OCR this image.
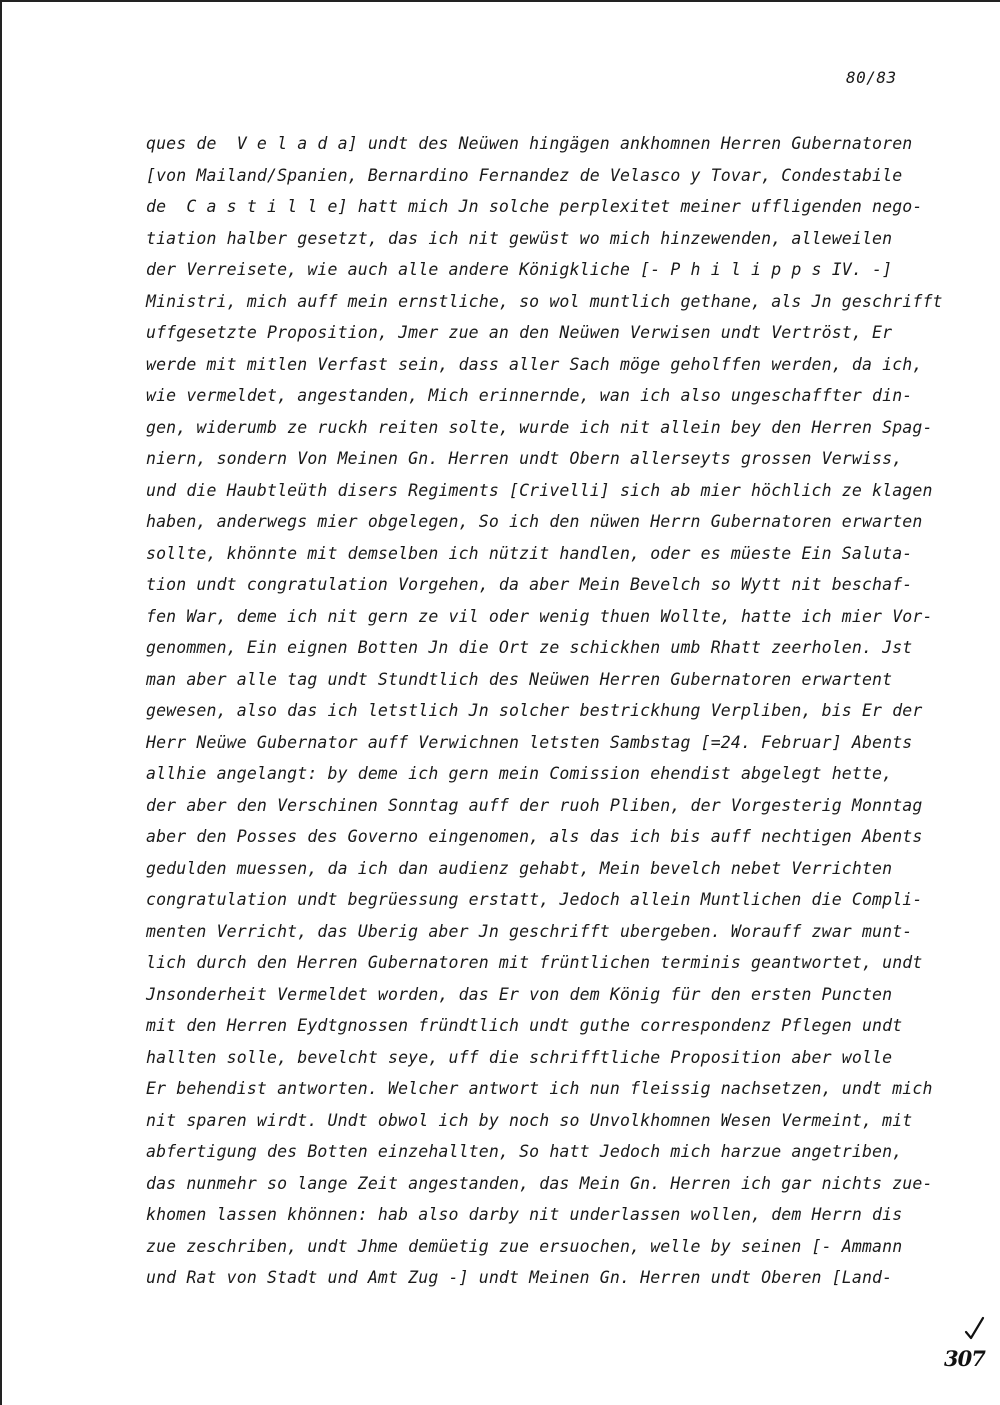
80/83
ques de  V e l a d a] undt des Neüwen hingägen ankhomnen Herren Gubernatoren
[von Mailand/Spanien, Bernardino Fernandez de Velasco y Tovar, Condestabile
de  C a s t i l l e] hatt mich Jn solche perplexitet meiner uffligenden nego-
tiation halber gesetzt, das ich nit gewüst wo mich hinzewenden, alleweilen
der Verreisete, wie auch alle andere Königkliche [- P h i l i p p s IV. -]
Ministri, mich auff mein ernstliche, so wol muntlich gethane, als Jn geschrifft
uffgesetzte Proposition, Jmer zue an den Neüwen Verwisen undt Vertröst, Er
werde mit mitlen Verfast sein, dass aller Sach möge geholffen werden, da ich,
wie vermeldet, angestanden, Mich erinnernde, wan ich also ungeschaffter din-
gen, widerumb ze ruckh reiten solte, wurde ich nit allein bey den Herren Spag-
niern, sondern Von Meinen Gn. Herren undt Obern allerseyts grossen Verwiss,
und die Haubtleüth disers Regiments [Crivelli] sich ab mier höchlich ze klagen
haben, anderwegs mier obgelegen, So ich den nüwen Herrn Gubernatoren erwarten
sollte, khönnte mit demselben ich nützit handlen, oder es müeste Ein Saluta-
tion undt congratulation Vorgehen, da aber Mein Bevelch so Wytt nit beschaf-
fen War, deme ich nit gern ze vil oder wenig thuen Wollte, hatte ich mier Vor-
genommen, Ein eignen Botten Jn die Ort ze schickhen umb Rhatt zeerholen. Jst
man aber alle tag undt Stundtlich des Neüwen Herren Gubernatoren erwartent
gewesen, also das ich letstlich Jn solcher bestrickhung Verpliben, bis Er der
Herr Neüwe Gubernator auff Verwichnen letsten Sambstag [=24. Februar] Abents
allhie angelangt: by deme ich gern mein Comission ehendist abgelegt hette,
der aber den Verschinen Sonntag auff der ruoh Pliben, der Vorgesterig Monntag
aber den Posses des Governo eingenomen, als das ich bis auff nechtigen Abents
gedulden muessen, da ich dan audienz gehabt, Mein bevelch nebet Verrichten
congratulation undt begrüessung erstatt, Jedoch allein Muntlichen die Compli-
menten Verricht, das Uberig aber Jn geschrifft ubergeben. Worauff zwar munt-
lich durch den Herren Gubernatoren mit früntlichen terminis geantwortet, undt
Jnsonderheit Vermeldet worden, das Er von dem König für den ersten Puncten
mit den Herren Eydtgnossen fründtlich undt guthe correspondenz Pflegen undt
hallten solle, bevelcht seye, uff die schrifftliche Proposition aber wolle
Er behendist antworten. Welcher antwort ich nun fleissig nachsetzen, undt mich
nit sparen wirdt. Undt obwol ich by noch so Unvolkhomnen Wesen Vermeint, mit
abfertigung des Botten einzehallten, So hatt Jedoch mich harzue angetriben,
das nunmehr so lange Zeit angestanden, das Mein Gn. Herren ich gar nichts zue-
khomen lassen khönnen: hab also darby nit underlassen wollen, dem Herrn dis
zue zeschriben, undt Jhme demüetig zue ersuochen, welle by seinen [- Ammann
und Rat von Stadt und Amt Zug -] undt Meinen Gn. Herren undt Oberen [Land-
307
